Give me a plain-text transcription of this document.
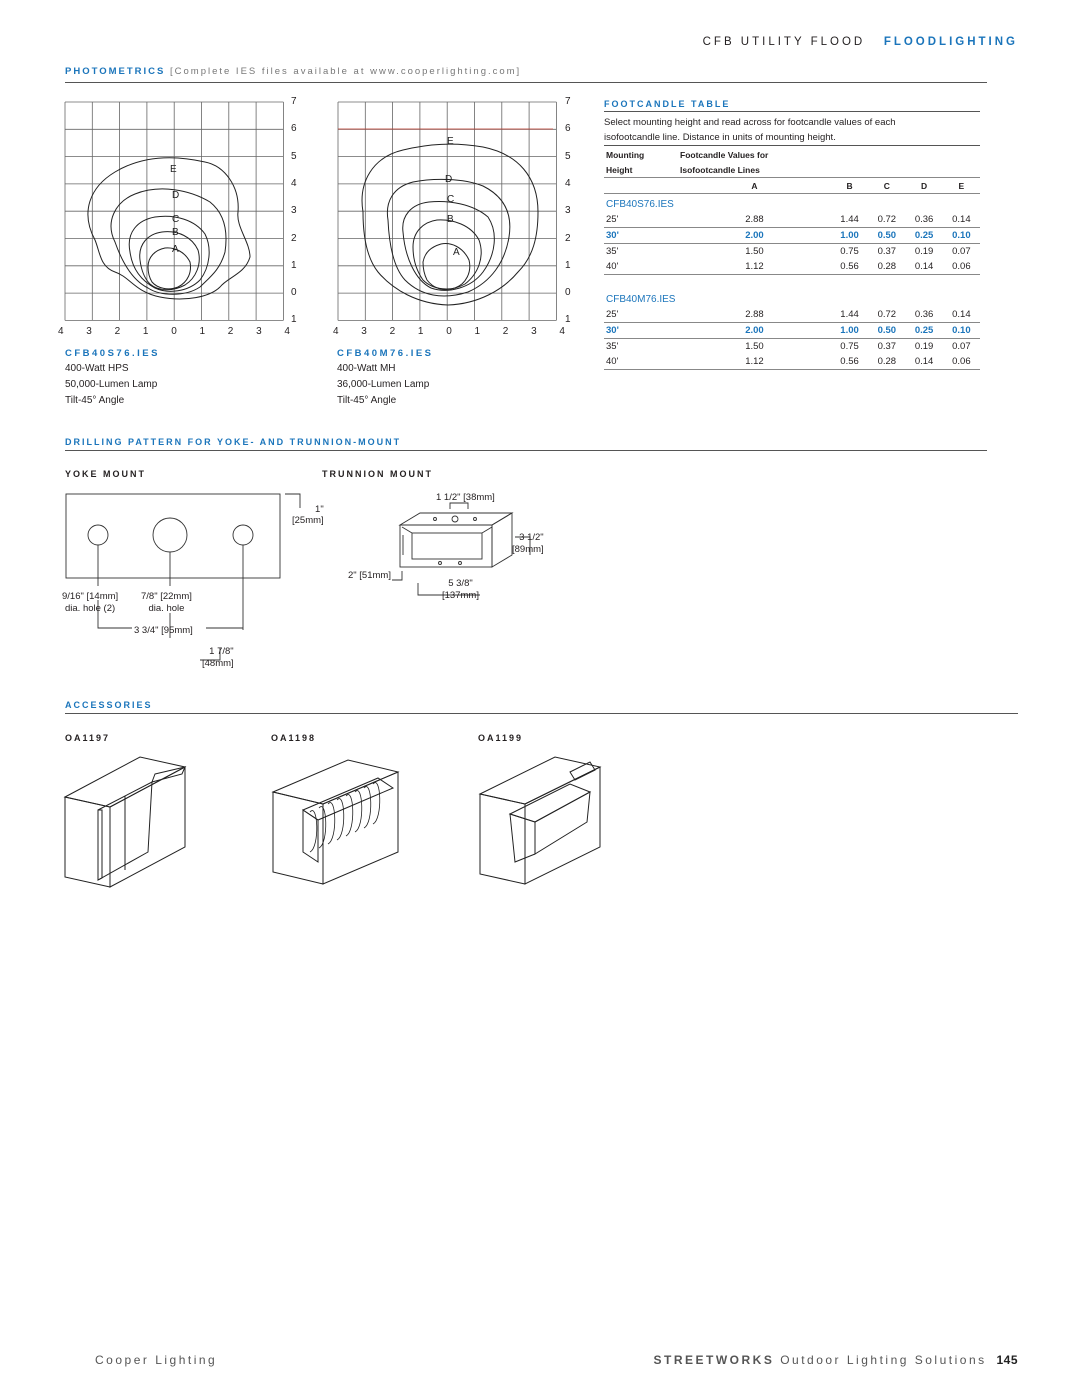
CFB UTILITY FLOOD FLOODLIGHTING
PHOTOMETRICS [Complete IES files available at www.cooperlighting.com]
E
D
C
B
A
E
D
C
B
A
7
6
5
4
3
2
1
0
1
7
6
5
4
3
2
1
0
1
4 3 2 1 0 1 2 3 4	4 3 2 1 0 1 2 3 4
CFB40S76.IES
400-Watt HPS
50,000-Lumen Lamp
Tilt-45° Angle
CFB40M76.IES
400-Watt MH
36,000-Lumen Lamp
Tilt-45° Angle
FOOTCANDLE TABLE
Select mounting height and read across for footcandle values of each
isofootcandle line. Distance in units of mounting height.
Mounting	Footcandle Values for				
Height	Isofootcandle Lines				
	A	B	C	D	E
CFB40S76.IES					
25'	2.88	1.44	0.72	0.36	0.14
30'	2.00	1.00	0.50	0.25	0.10
35'	1.50	0.75	0.37	0.19	0.07
40'	1.12	0.56	0.28	0.14	0.06
CFB40M76.IES					
25'	2.88	1.44	0.72	0.36	0.14
30'	2.00	1.00	0.50	0.25	0.10
35'	1.50	0.75	0.37	0.19	0.07
40'	1.12	0.56	0.28	0.14	0.06
DRILLING PATTERN FOR YOKE- AND TRUNNION-MOUNT
YOKE MOUNT	TRUNNION MOUNT
1"
[25mm]
9/16" [14mm]
dia. hole (2)
7/8" [22mm]
dia. hole
3 3/4" [95mm]
1 7/8"
[48mm]
1 1/2" [38mm]
3 1/2"
[89mm]
2" [51mm]
5 3/8"
[137mm]
ACCESSORIES
OA1197	OA1198	OA1199
Cooper Lighting	STREETWORKS Outdoor Lighting Solutions 145
